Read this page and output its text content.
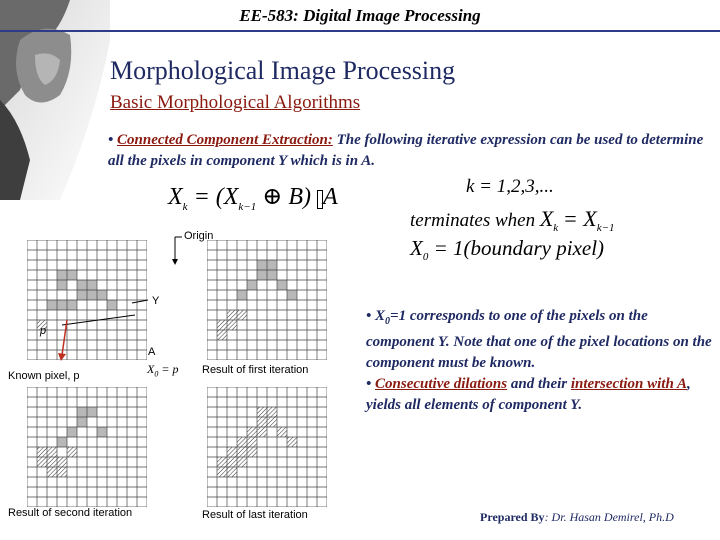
EE-583: Digital Image Processing
Morphological Image Processing
Basic Morphological Algorithms
• Connected Component Extraction: The following iterative expression can be used to determine all the pixels in component Y which is in A.
$X_k = (X_{k-1}$ ⊕ B) A	k = 1,2,3,...
terminates when $X_k = X_{k-1}$
$X_0$ = 1(boundary pixel)
Origin
Y
A
p
$X_0 = p$
Known pixel, p	Result of first iteration
Result of second iteration	Result of last iteration
• $X_0=1$ corresponds to one of the pixels on the component Y. Note that one of the pixel locations on the component must be known.
• Consecutive dilations and their intersection with A, yields all elements of component Y.
Prepared By: Dr. Hasan Demirel, Ph.D
